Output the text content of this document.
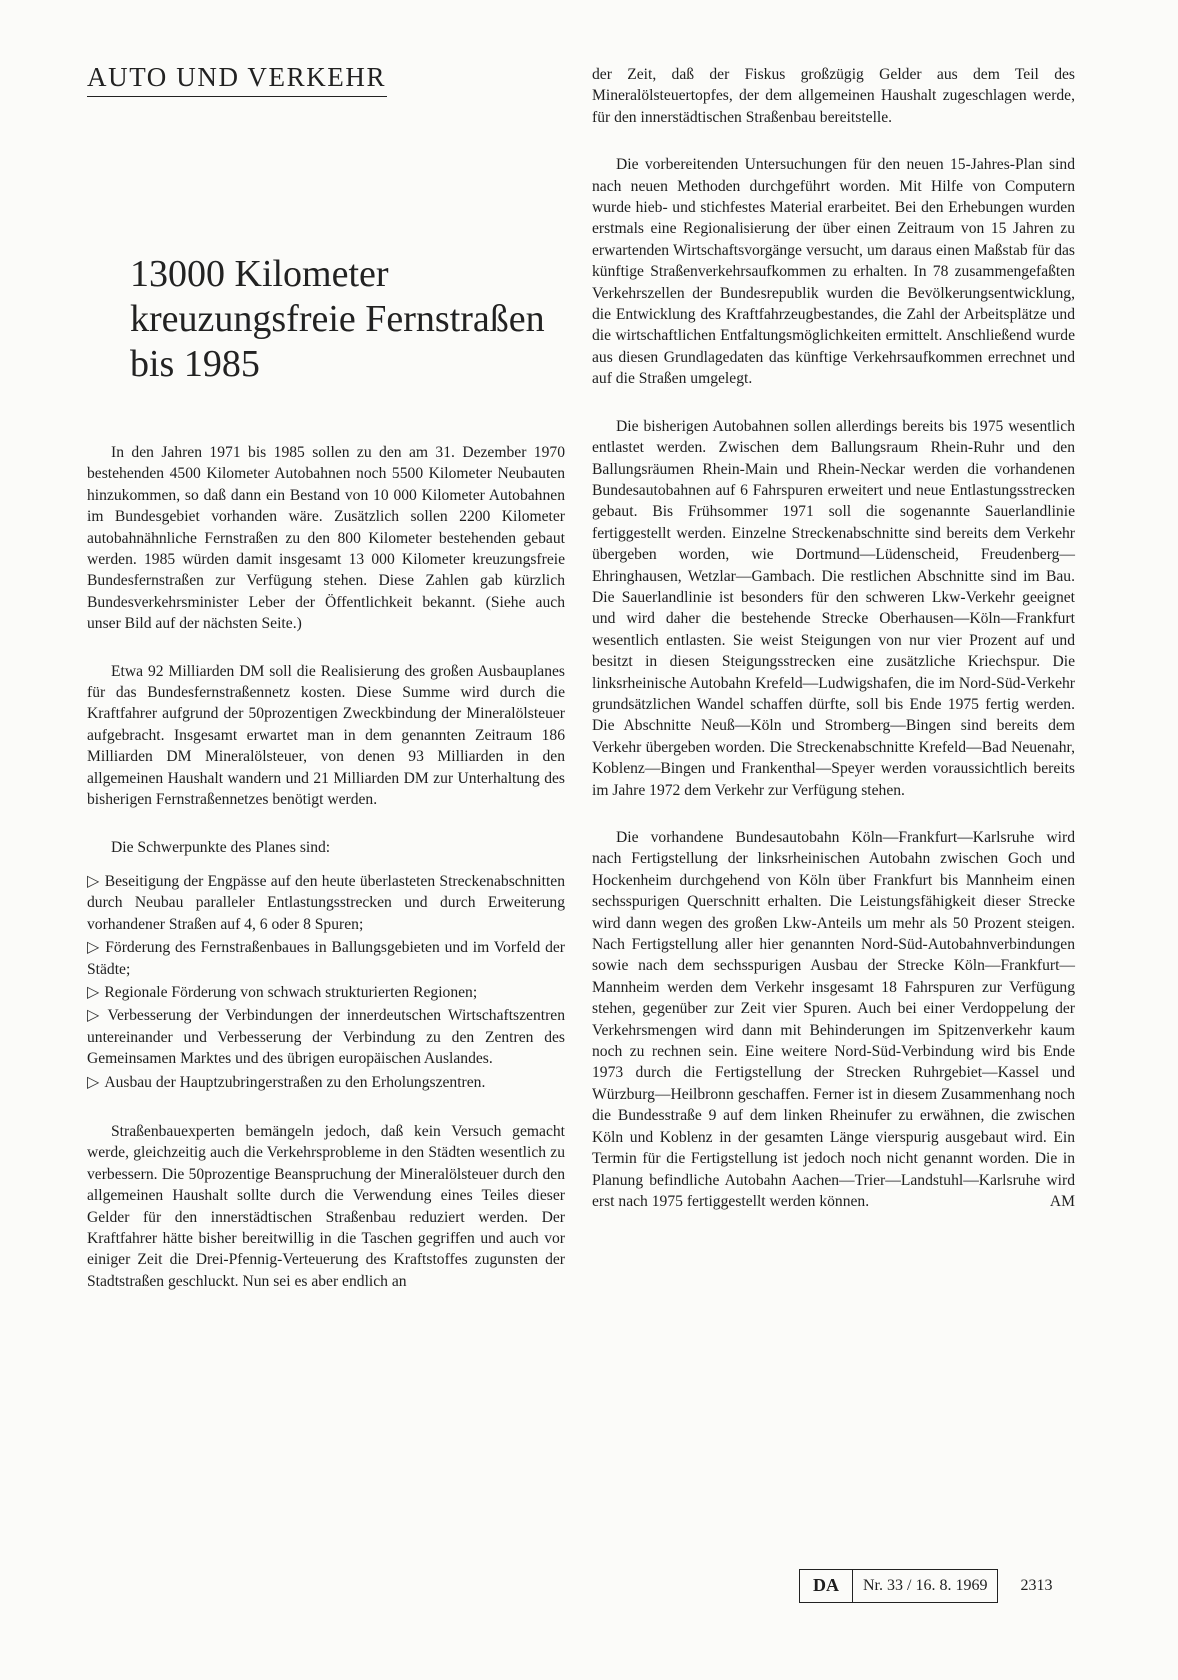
AUTO UND VERKEHR
13000 Kilometer
kreuzungsfreie Fernstraßen
bis 1985

In den Jahren 1971 bis 1985 sollen zu den am 31. Dezember 1970 bestehenden 4500 Kilometer Autobahnen noch 5500 Kilometer Neubauten hinzukommen, so daß dann ein Bestand von 10 000 Kilometer Autobahnen im Bundesgebiet vorhanden wäre. Zusätzlich sollen 2200 Kilometer autobahnähnliche Fernstraßen zu den 800 Kilometer bestehenden gebaut werden. 1985 würden damit insgesamt 13 000 Kilometer kreuzungsfreie Bundesfernstraßen zur Verfügung stehen. Diese Zahlen gab kürzlich Bundesverkehrsminister Leber der Öffentlichkeit bekannt. (Siehe auch unser Bild auf der nächsten Seite.)

Etwa 92 Milliarden DM soll die Realisierung des großen Ausbauplanes für das Bundesfernstraßennetz kosten. Diese Summe wird durch die Kraftfahrer aufgrund der 50prozentigen Zweckbindung der Mineralölsteuer aufgebracht. Insgesamt erwartet man in dem genannten Zeitraum 186 Milliarden DM Mineralölsteuer, von denen 93 Milliarden in den allgemeinen Haushalt wandern und 21 Milliarden DM zur Unterhaltung des bisherigen Fernstraßennetzes benötigt werden.

Die Schwerpunkte des Planes sind:

▷ Beseitigung der Engpässe auf den heute überlasteten Streckenabschnitten durch Neubau paralleler Entlastungsstrecken und durch Erweiterung vorhandener Straßen auf 4, 6 oder 8 Spuren;
▷ Förderung des Fernstraßenbaues in Ballungsgebieten und im Vorfeld der Städte;
▷ Regionale Förderung von schwach strukturierten Regionen;
▷ Verbesserung der Verbindungen der innerdeutschen Wirtschaftszentren untereinander und Verbesserung der Verbindung zu den Zentren des Gemeinsamen Marktes und des übrigen europäischen Auslandes.
▷ Ausbau der Hauptzubringerstraßen zu den Erholungszentren.

Straßenbauexperten bemängeln jedoch, daß kein Versuch gemacht werde, gleichzeitig auch die Verkehrsprobleme in den Städten wesentlich zu verbessern. Die 50prozentige Beanspruchung der Mineralölsteuer durch den allgemeinen Haushalt sollte durch die Verwendung eines Teiles dieser Gelder für den innerstädtischen Straßenbau reduziert werden. Der Kraftfahrer hätte bisher bereitwillig in die Taschen gegriffen und auch vor einiger Zeit die Drei-Pfennig-Verteuerung des Kraftstoffes zugunsten der Stadtstraßen geschluckt. Nun sei es aber endlich an

der Zeit, daß der Fiskus großzügig Gelder aus dem Teil des Mineralölsteuertopfes, der dem allgemeinen Haushalt zugeschlagen werde, für den innerstädtischen Straßenbau bereitstelle.

Die vorbereitenden Untersuchungen für den neuen 15-Jahres-Plan sind nach neuen Methoden durchgeführt worden. Mit Hilfe von Computern wurde hieb- und stichfestes Material erarbeitet. Bei den Erhebungen wurden erstmals eine Regionalisierung der über einen Zeitraum von 15 Jahren zu erwartenden Wirtschaftsvorgänge versucht, um daraus einen Maßstab für das künftige Straßenverkehrsaufkommen zu erhalten. In 78 zusammengefaßten Verkehrszellen der Bundesrepublik wurden die Bevölkerungsentwicklung, die Entwicklung des Kraftfahrzeugbestandes, die Zahl der Arbeitsplätze und die wirtschaftlichen Entfaltungsmöglichkeiten ermittelt. Anschließend wurde aus diesen Grundlagedaten das künftige Verkehrsaufkommen errechnet und auf die Straßen umgelegt.

Die bisherigen Autobahnen sollen allerdings bereits bis 1975 wesentlich entlastet werden. Zwischen dem Ballungsraum Rhein-Ruhr und den Ballungsräumen Rhein-Main und Rhein-Neckar werden die vorhandenen Bundesautobahnen auf 6 Fahrspuren erweitert und neue Entlastungsstrecken gebaut. Bis Frühsommer 1971 soll die sogenannte Sauerlandlinie fertiggestellt werden. Einzelne Streckenabschnitte sind bereits dem Verkehr übergeben worden, wie Dortmund—Lüdenscheid, Freudenberg—Ehringhausen, Wetzlar—Gambach. Die restlichen Abschnitte sind im Bau. Die Sauerlandlinie ist besonders für den schweren Lkw-Verkehr geeignet und wird daher die bestehende Strecke Oberhausen—Köln—Frankfurt wesentlich entlasten. Sie weist Steigungen von nur vier Prozent auf und besitzt in diesen Steigungsstrecken eine zusätzliche Kriechspur. Die linksrheinische Autobahn Krefeld—Ludwigshafen, die im Nord-Süd-Verkehr grundsätzlichen Wandel schaffen dürfte, soll bis Ende 1975 fertig werden. Die Abschnitte Neuß—Köln und Stromberg—Bingen sind bereits dem Verkehr übergeben worden. Die Streckenabschnitte Krefeld—Bad Neuenahr, Koblenz—Bingen und Frankenthal—Speyer werden voraussichtlich bereits im Jahre 1972 dem Verkehr zur Verfügung stehen.

Die vorhandene Bundesautobahn Köln—Frankfurt—Karlsruhe wird nach Fertigstellung der linksrheinischen Autobahn zwischen Goch und Hockenheim durchgehend von Köln über Frankfurt bis Mannheim einen sechsspurigen Querschnitt erhalten. Die Leistungsfähigkeit dieser Strecke wird dann wegen des großen Lkw-Anteils um mehr als 50 Prozent steigen. Nach Fertigstellung aller hier genannten Nord-Süd-Autobahnverbindungen sowie nach dem sechsspurigen Ausbau der Strecke Köln—Frankfurt—Mannheim werden dem Verkehr insgesamt 18 Fahrspuren zur Verfügung stehen, gegenüber zur Zeit vier Spuren. Auch bei einer Verdoppelung der Verkehrsmengen wird dann mit Behinderungen im Spitzenverkehr kaum noch zu rechnen sein. Eine weitere Nord-Süd-Verbindung wird bis Ende 1973 durch die Fertigstellung der Strecken Ruhrgebiet—Kassel und Würzburg—Heilbronn geschaffen. Ferner ist in diesem Zusammenhang noch die Bundesstraße 9 auf dem linken Rheinufer zu erwähnen, die zwischen Köln und Koblenz in der gesamten Länge vierspurig ausgebaut wird. Ein Termin für die Fertigstellung ist jedoch noch nicht genannt worden. Die in Planung befindliche Autobahn Aachen—Trier—Landstuhl—Karlsruhe wird erst nach 1975 fertiggestellt werden können.	AM

DA	Nr. 33 / 16. 8. 1969	2313
